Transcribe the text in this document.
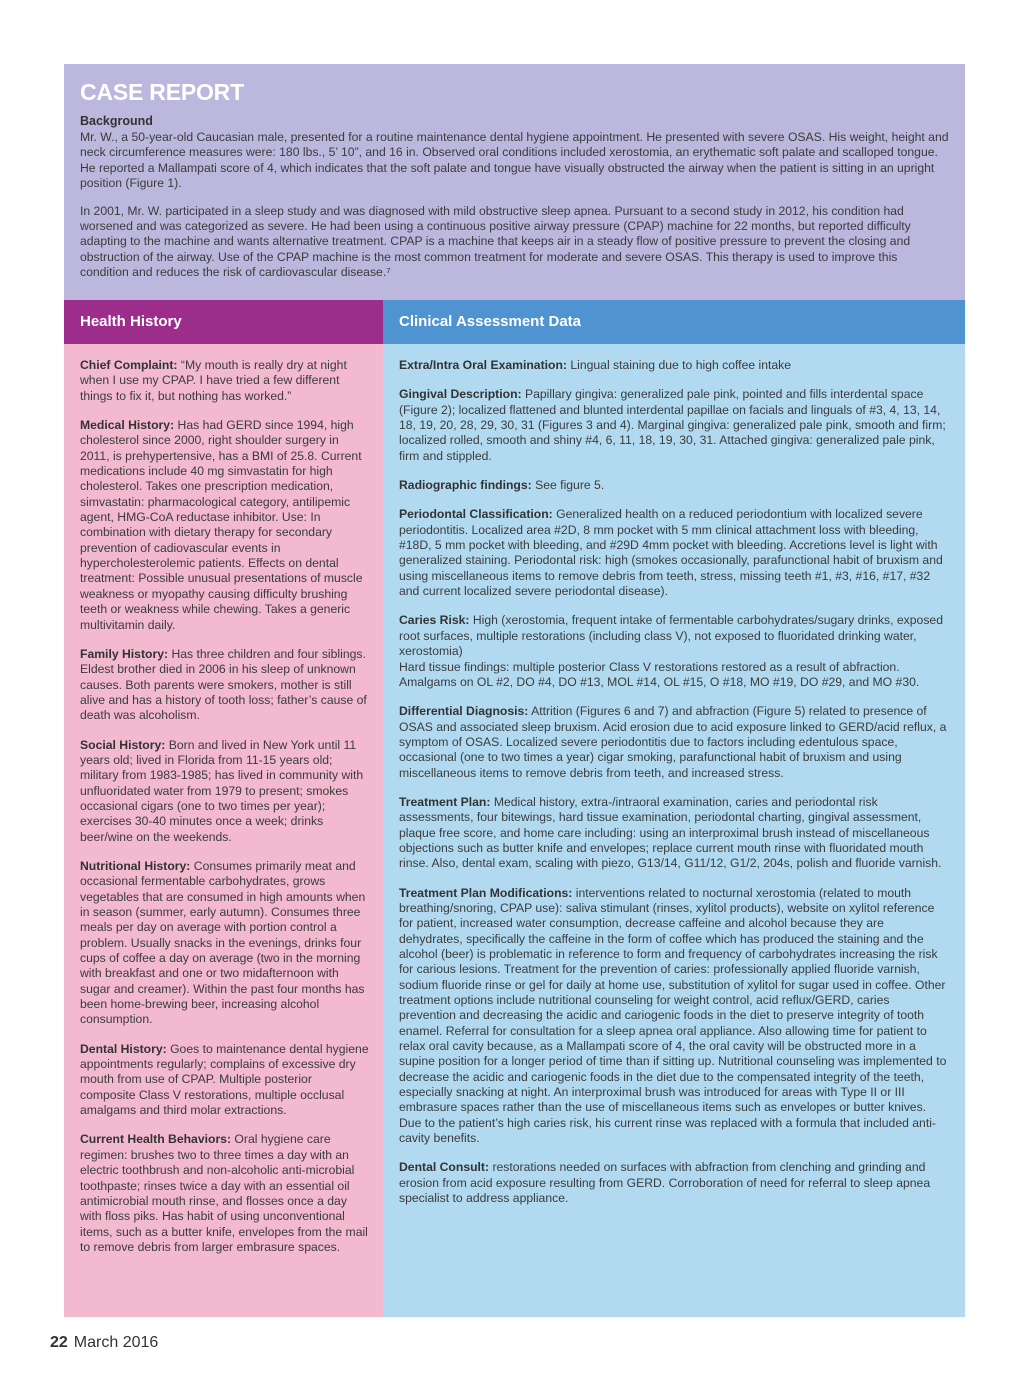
CASE REPORT
Background

Mr. W., a 50-year-old Caucasian male, presented for a routine maintenance dental hygiene appointment. He presented with severe OSAS. His weight, height and neck circumference measures were: 180 lbs., 5’ 10”, and 16 in. Observed oral conditions included xerostomia, an erythematic soft palate and scalloped tongue. He reported a Mallampati score of 4, which indicates that the soft palate and tongue have visually obstructed the airway when the patient is sitting in an upright position (Figure 1).

In 2001, Mr. W. participated in a sleep study and was diagnosed with mild obstructive sleep apnea. Pursuant to a second study in 2012, his condition had worsened and was categorized as severe. He had been using a continuous positive airway pressure (CPAP) machine for 22 months, but reported difficulty adapting to the machine and wants alternative treatment. CPAP is a machine that keeps air in a steady flow of positive pressure to prevent the closing and obstruction of the airway. Use of the CPAP machine is the most common treatment for moderate and severe OSAS. This therapy is used to improve this condition and reduces the risk of cardiovascular disease.⁷

Health History	Clinical Assessment Data

Chief Complaint: “My mouth is really dry at night when I use my CPAP. I have tried a few different things to fix it, but nothing has worked.”

Medical History: Has had GERD since 1994, high cholesterol since 2000, right shoulder surgery in 2011, is prehypertensive, has a BMI of 25.8. Current medications include 40 mg simvastatin for high cholesterol. Takes one prescription medication, simvastatin: pharmacological category, antilipemic agent, HMG-CoA reductase inhibitor. Use: In combination with dietary therapy for secondary prevention of cadiovascular events in hypercholesterolemic patients. Effects on dental treatment: Possible unusual presentations of muscle weakness or myopathy causing difficulty brushing teeth or weakness while chewing. Takes a generic multivitamin daily.

Family History: Has three children and four siblings. Eldest brother died in 2006 in his sleep of unknown causes. Both parents were smokers, mother is still alive and has a history of tooth loss; father’s cause of death was alcoholism.

Social History: Born and lived in New York until 11 years old; lived in Florida from 11-15 years old; military from 1983-1985; has lived in community with unfluoridated water from 1979 to present; smokes occasional cigars (one to two times per year); exercises 30-40 minutes once a week; drinks beer/wine on the weekends.

Nutritional History: Consumes primarily meat and occasional fermentable carbohydrates, grows vegetables that are consumed in high amounts when in season (summer, early autumn). Consumes three meals per day on average with portion control a problem. Usually snacks in the evenings, drinks four cups of coffee a day on average (two in the morning with breakfast and one or two midafternoon with sugar and creamer). Within the past four months has been home-brewing beer, increasing alcohol consumption.

Dental History: Goes to maintenance dental hygiene appointments regularly; complains of excessive dry mouth from use of CPAP. Multiple posterior composite Class V restorations, multiple occlusal amalgams and third molar extractions.

Current Health Behaviors: Oral hygiene care regimen: brushes two to three times a day with an electric toothbrush and non-alcoholic anti-microbial toothpaste; rinses twice a day with an essential oil antimicrobial mouth rinse, and flosses once a day with floss piks. Has habit of using unconventional items, such as a butter knife, envelopes from the mail to remove debris from larger embrasure spaces.

Extra/Intra Oral Examination: Lingual staining due to high coffee intake

Gingival Description: Papillary gingiva: generalized pale pink, pointed and fills interdental space (Figure 2); localized flattened and blunted interdental papillae on facials and linguals of #3, 4, 13, 14, 18, 19, 20, 28, 29, 30, 31 (Figures 3 and 4). Marginal gingiva: generalized pale pink, smooth and firm; localized rolled, smooth and shiny #4, 6, 11, 18, 19, 30, 31. Attached gingiva: generalized pale pink, firm and stippled.

Radiographic findings: See figure 5.

Periodontal Classification: Generalized health on a reduced periodontium with localized severe periodontitis. Localized area #2D, 8 mm pocket with 5 mm clinical attachment loss with bleeding, #18D, 5 mm pocket with bleeding, and #29D 4mm pocket with bleeding. Accretions level is light with generalized staining. Periodontal risk: high (smokes occasionally, parafunctional habit of bruxism and using miscellaneous items to remove debris from teeth, stress, missing teeth #1, #3, #16, #17, #32 and current localized severe periodontal disease).

Caries Risk: High (xerostomia, frequent intake of fermentable carbohydrates/sugary drinks, exposed root surfaces, multiple restorations (including class V), not exposed to fluoridated drinking water, xerostomia)
Hard tissue findings: multiple posterior Class V restorations restored as a result of abfraction. Amalgams on OL #2, DO #4, DO #13, MOL #14, OL #15, O #18, MO #19, DO #29, and MO #30.

Differential Diagnosis: Attrition (Figures 6 and 7) and abfraction (Figure 5) related to presence of OSAS and associated sleep bruxism. Acid erosion due to acid exposure linked to GERD/acid reflux, a symptom of OSAS. Localized severe periodontitis due to factors including edentulous space, occasional (one to two times a year) cigar smoking, parafunctional habit of bruxism and using miscellaneous items to remove debris from teeth, and increased stress.

Treatment Plan: Medical history, extra-/intraoral examination, caries and periodontal risk assessments, four bitewings, hard tissue examination, periodontal charting, gingival assessment, plaque free score, and home care including: using an interproximal brush instead of miscellaneous objections such as butter knife and envelopes; replace current mouth rinse with fluoridated mouth rinse. Also, dental exam, scaling with piezo, G13/14, G11/12, G1/2, 204s, polish and fluoride varnish.

Treatment Plan Modifications: interventions related to nocturnal xerostomia (related to mouth breathing/snoring, CPAP use): saliva stimulant (rinses, xylitol products), website on xylitol reference for patient, increased water consumption, decrease caffeine and alcohol because they are dehydrates, specifically the caffeine in the form of coffee which has produced the staining and the alcohol (beer) is problematic in reference to form and frequency of carbohydrates increasing the risk for carious lesions. Treatment for the prevention of caries: professionally applied fluoride varnish, sodium fluoride rinse or gel for daily at home use, substitution of xylitol for sugar used in coffee. Other treatment options include nutritional counseling for weight control, acid reflux/GERD, caries prevention and decreasing the acidic and cariogenic foods in the diet to preserve integrity of tooth enamel. Referral for consultation for a sleep apnea oral appliance. Also allowing time for patient to relax oral cavity because, as a Mallampati score of 4, the oral cavity will be obstructed more in a supine position for a longer period of time than if sitting up. Nutritional counseling was implemented to decrease the acidic and cariogenic foods in the diet due to the compensated integrity of the teeth, especially snacking at night. An interproximal brush was introduced for areas with Type II or III embrasure spaces rather than the use of miscellaneous items such as envelopes or butter knives. Due to the patient’s high caries risk, his current rinse was replaced with a formula that included anti-cavity benefits.

Dental Consult: restorations needed on surfaces with abfraction from clenching and grinding and erosion from acid exposure resulting from GERD. Corroboration of need for referral to sleep apnea specialist to address appliance.

22 March 2016
